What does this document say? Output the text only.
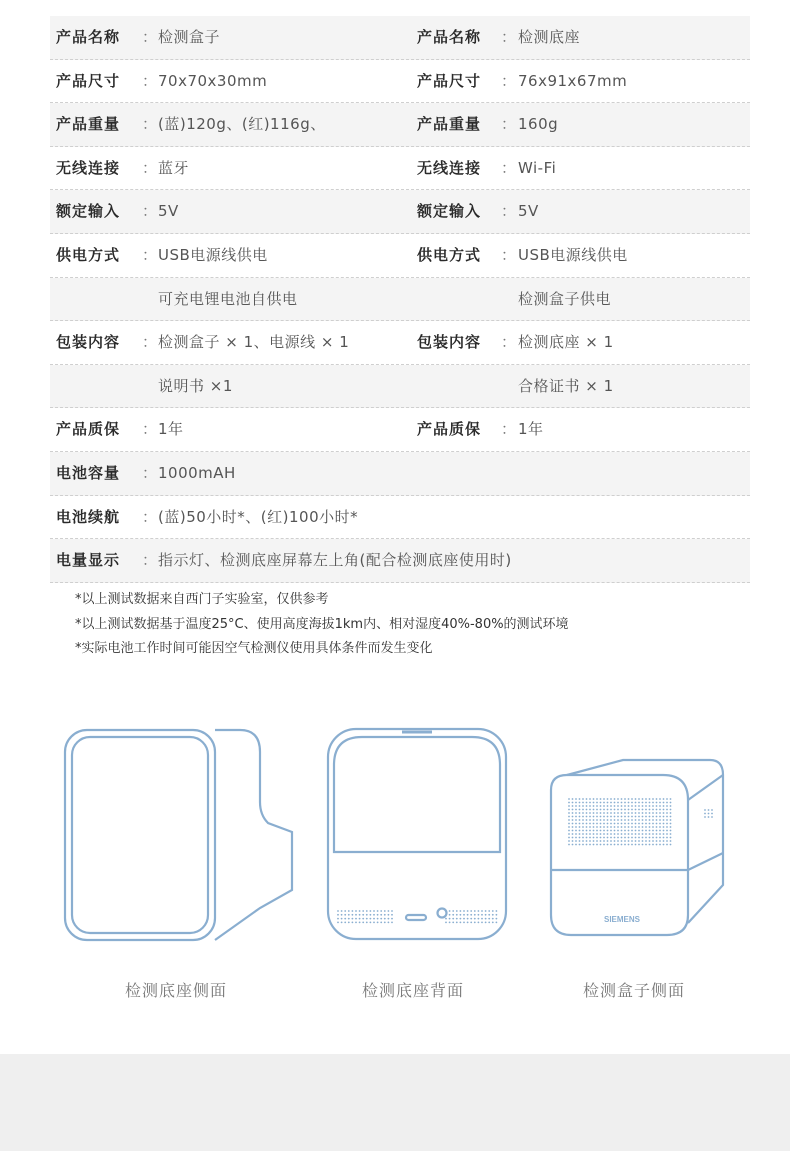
产品名称 ： 检测盒子	产品名称 ： 检测底座
产品尺寸 ： 70x70x30mm	产品尺寸 ： 76x91x67mm
产品重量 ： (蓝)120g、(红)116g、	产品重量 ： 160g
无线连接 ： 蓝牙	无线连接 ： Wi-Fi
额定输入 ： 5V	额定输入 ： 5V
供电方式 ： USB电源线供电	供电方式 ： USB电源线供电
可充电锂电池自供电	检测盒子供电
包装内容 ： 检测盒子 × 1、电源线 × 1	包装内容 ： 检测底座 × 1
说明书 ×1	合格证书 × 1
产品质保 ： 1年	产品质保 ： 1年
电池容量 ： 1000mAH
电池续航 ： (蓝)50小时*、(红)100小时*
电量显示 ： 指示灯、检测底座屏幕左上角(配合检测底座使用时)
*以上测试数据来自西门子实验室，仅供参考
*以上测试数据基于温度25°C、使用高度海拔1km内、相对湿度40%-80%的测试环境
*实际电池工作时间可能因空气检测仪使用具体条件而发生变化
检测底座侧面	检测底座背面
SIEMENS
检测盒子侧面
